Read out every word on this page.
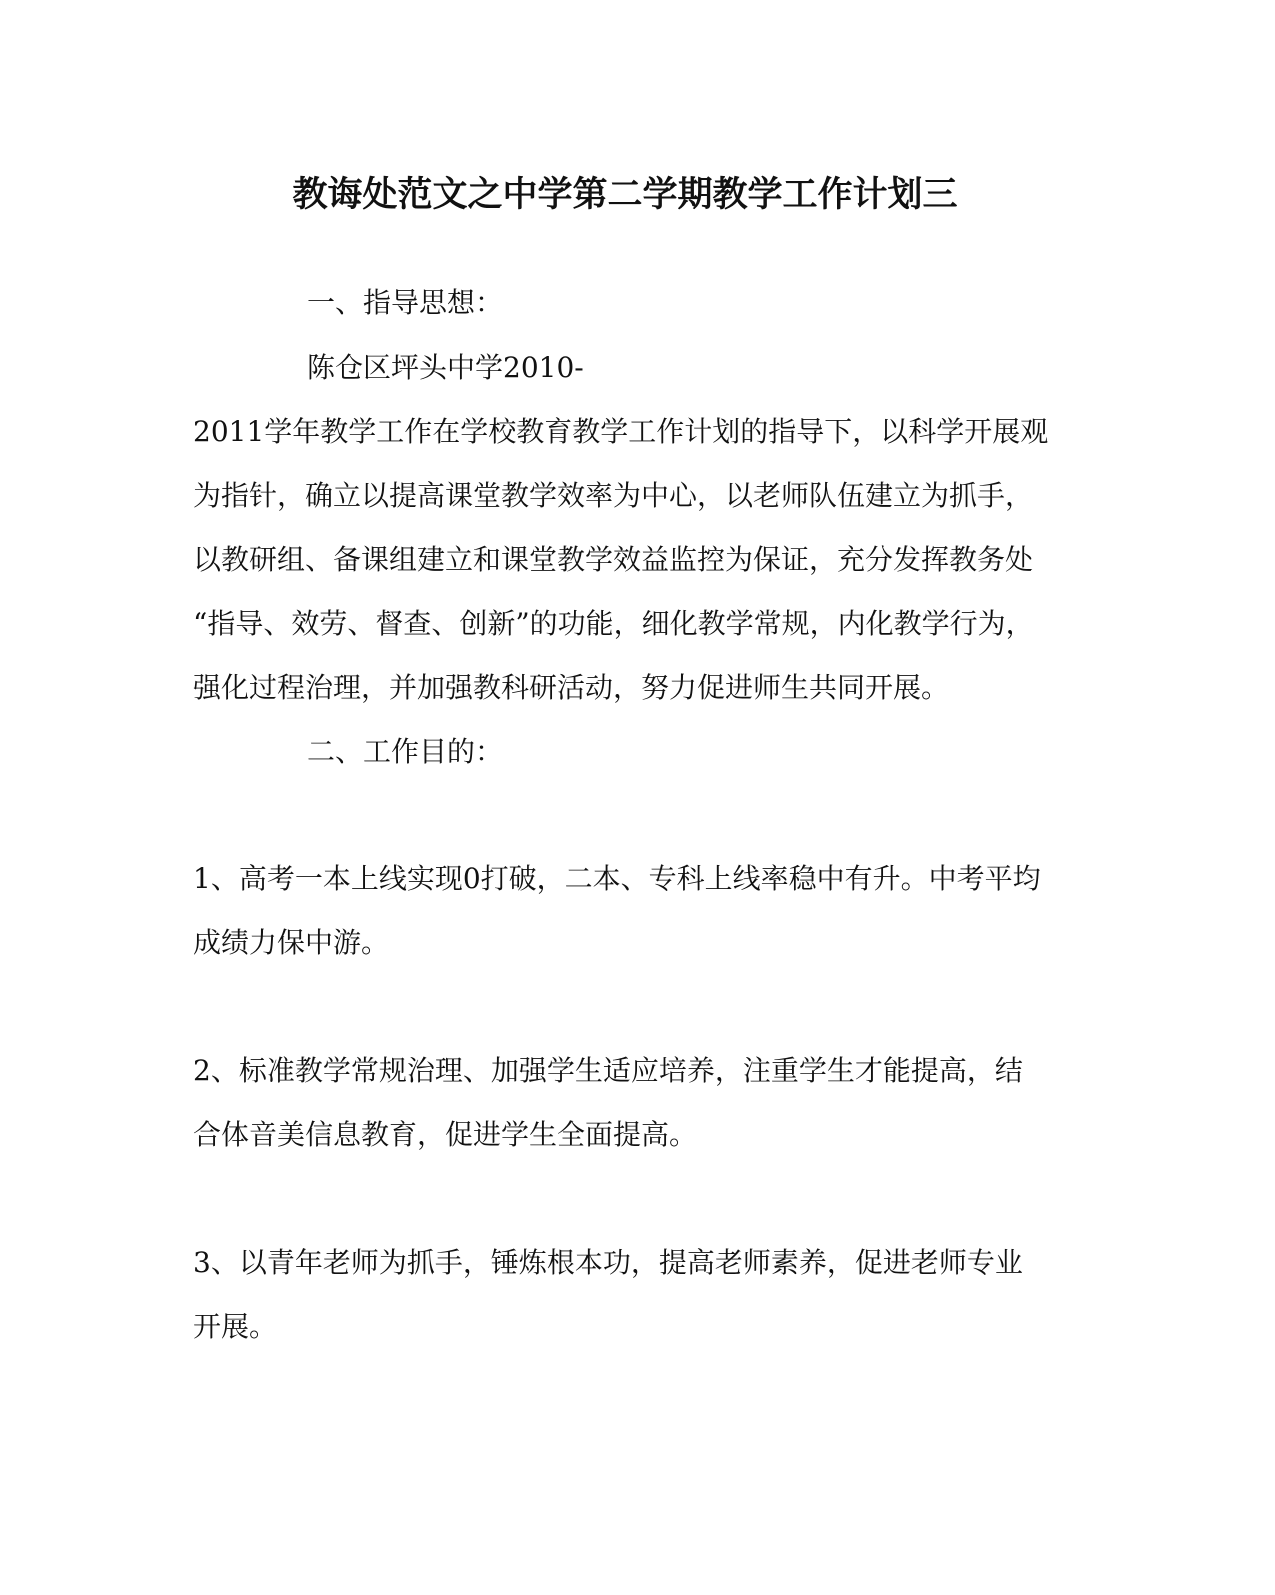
教诲处范文之中学第二学期教学工作计划三
一、指导思想：
陈仓区坪头中学2010-
2011学年教学工作在学校教育教学工作计划的指导下，以科学开展观
为指针，确立以提高课堂教学效率为中心，以老师队伍建立为抓手，
以教研组、备课组建立和课堂教学效益监控为保证，充分发挥教务处
“指导、效劳、督查、创新”的功能，细化教学常规，内化教学行为，
强化过程治理，并加强教科研活动，努力促进师生共同开展。
二、工作目的：
1、高考一本上线实现0打破，二本、专科上线率稳中有升。中考平均
成绩力保中游。
2、标准教学常规治理、加强学生适应培养，注重学生才能提高，结
合体音美信息教育，促进学生全面提高。
3、以青年老师为抓手，锤炼根本功，提高老师素养，促进老师专业
开展。
